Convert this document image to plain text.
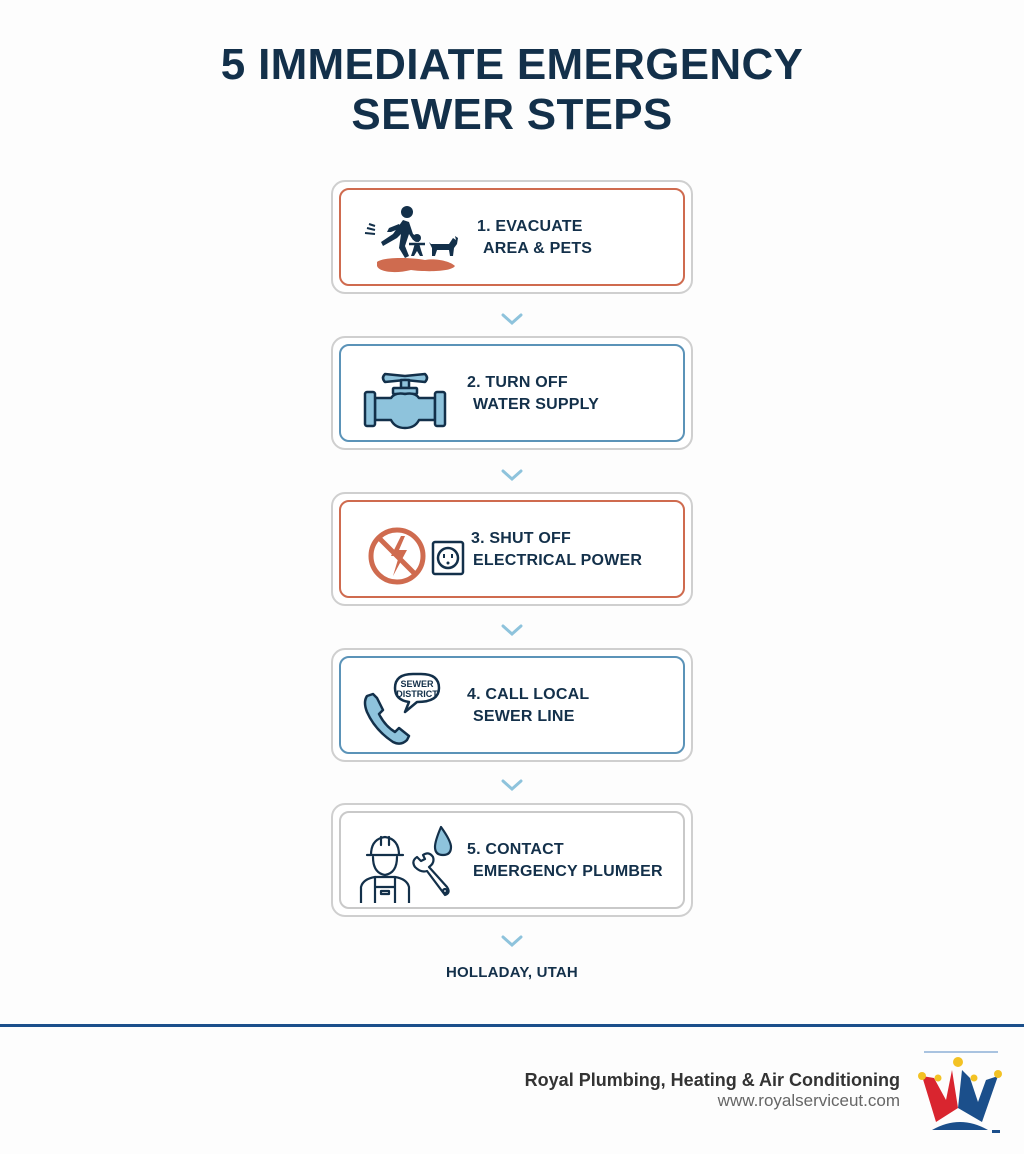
5 IMMEDIATE EMERGENCY
SEWER STEPS
1. EVACUATE
AREA & PETS
2. TURN OFF
WATER SUPPLY
3. SHUT OFF
ELECTRICAL POWER
SEWER
DISTRICT 4. CALL LOCAL
SEWER LINE
5. CONTACT
EMERGENCY PLUMBER
HOLLADAY, UTAH
Royal Plumbing, Heating & Air Conditioning
www.royalserviceut.com
